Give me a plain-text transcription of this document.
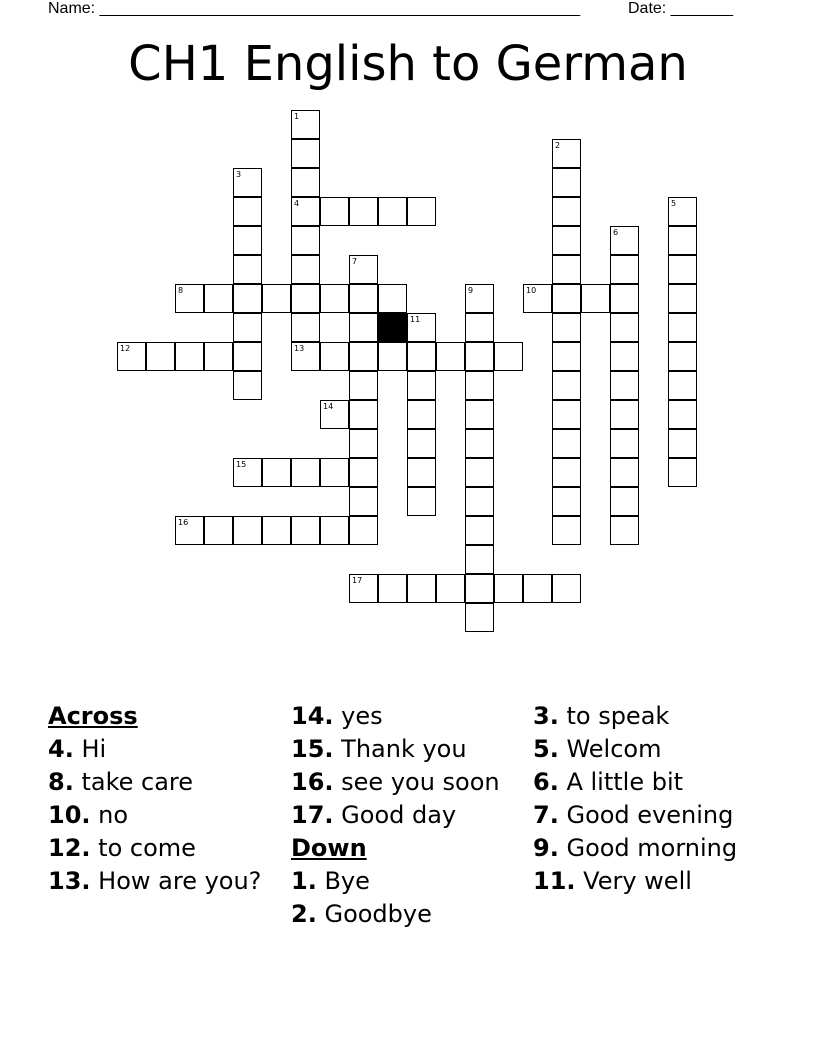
Name: ______________________________________________________	Date: _______
CH1 English to German
1
4
2
3
5
6
7
8	9	10
11
12	13
14
15
16
17
Across
4. Hi
8. take care
10. no
12. to come
13. How are you?
14. yes
15. Thank you
16. see you soon
17. Good day
Down
1. Bye
2. Goodbye
3. to speak
5. Welcom
6. A little bit
7. Good evening
9. Good morning
11. Very well
